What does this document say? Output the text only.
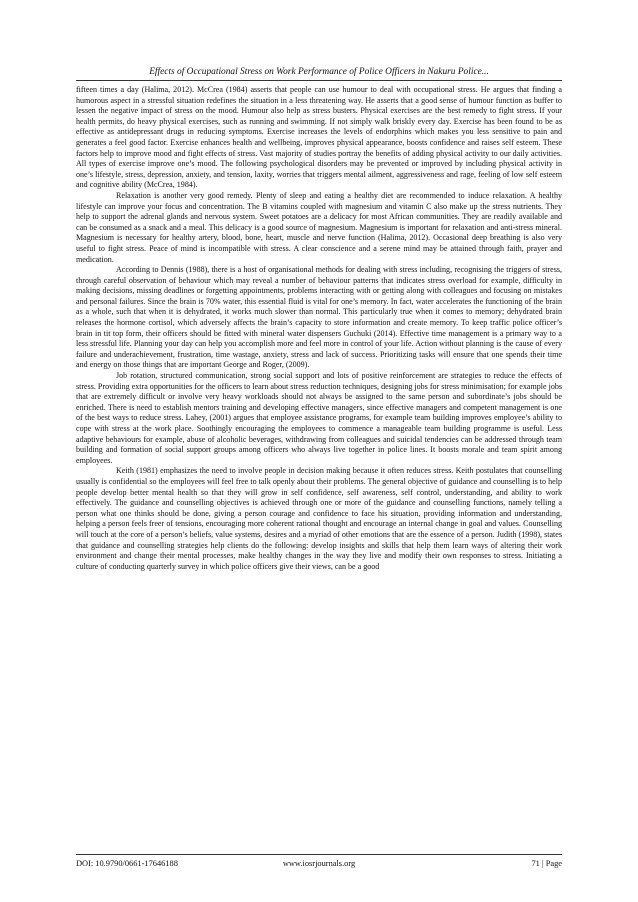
Effects of Occupational Stress on Work Performance of Police Officers in Nakuru Police...

fifteen times a day (Halima, 2012). McCrea (1984) asserts that people can use humour to deal with occupational stress. He argues that finding a humorous aspect in a stressful situation redefines the situation in a less threatening way. He asserts that a good sense of humour function as buffer to lessen the negative impact of stress on the mood. Humour also help as stress busters. Physical exercises are the best remedy to fight stress. If your health permits, do heavy physical exercises, such as running and swimming. If not simply walk briskly every day. Exercise has been found to be as effective as antidepressant drugs in reducing symptoms. Exercise increases the levels of endorphins which makes you less sensitive to pain and generates a feel good factor. Exercise enhances health and wellbeing, improves physical appearance, boosts confidence and raises self esteem. These factors help to improve mood and fight effects of stress. Vast majority of studies portray the benefits of adding physical activity to our daily activities. All types of exercise improve one’s mood. The following psychological disorders may be prevented or improved by including physical activity in one’s lifestyle, stress, depression, anxiety, and tension, laxity, worries that triggers mental ailment, aggressiveness and rage, feeling of low self esteem and cognitive ability (McCrea, 1984).

Relaxation is another very good remedy. Plenty of sleep and eating a healthy diet are recommended to induce relaxation. A healthy lifestyle can improve your focus and concentration. The B vitamins coupled with magnesium and vitamin C also make up the stress nutrients. They help to support the adrenal glands and nervous system. Sweet potatoes are a delicacy for most African communities. They are readily available and can be consumed as a snack and a meal. This delicacy is a good source of magnesium. Magnesium is important for relaxation and anti-stress mineral. Magnesium is necessary for healthy artery, blood, bone, heart, muscle and nerve function (Halima, 2012). Occasional deep breathing is also very useful to fight stress. Peace of mind is incompatible with stress. A clear conscience and a serene mind may be attained through faith, prayer and medication.

According to Dennis (1988), there is a host of organisational methods for dealing with stress including, recognising the triggers of stress, through careful observation of behaviour which may reveal a number of behaviour patterns that indicates stress overload for example, difficulty in making decisions, missing deadlines or forgetting appointments, problems interacting with or getting along with colleagues and focusing on mistakes and personal failures. Since the brain is 70% water, this essential fluid is vital for one’s memory. In fact, water accelerates the functioning of the brain as a whole, such that when it is dehydrated, it works much slower than normal. This particularly true when it comes to memory; dehydrated brain releases the hormone cortisol, which adversely affects the brain’s capacity to store information and create memory. To keep traffic police officer’s brain in tit top form, their officers should be fitted with mineral water dispensers Guchuki (2014). Effective time management is a primary way to a less stressful life. Planning your day can help you accomplish more and feel more in control of your life. Action without planning is the cause of every failure and underachievement, frustration, time wastage, anxiety, stress and lack of success. Prioritizing tasks will ensure that one spends their time and energy on those things that are important George and Roger, (2009).

Job rotation, structured communication, strong social support and lots of positive reinforcement are strategies to reduce the effects of stress. Providing extra opportunities for the officers to learn about stress reduction techniques, designing jobs for stress minimisation; for example jobs that are extremely difficult or involve very heavy workloads should not always be assigned to the same person and subordinate’s jobs should be enriched. There is need to establish mentors training and developing effective managers, since effective managers and competent management is one of the best ways to reduce stress. Lahey, (2001) argues that employee assistance programs, for example team building improves employee’s ability to cope with stress at the work place. Soothingly encouraging the employees to commence a manageable team building programme is useful. Less adaptive behaviours for example, abuse of alcoholic beverages, withdrawing from colleagues and suicidal tendencies can be addressed through team building and formation of social support groups among officers who always live together in police lines. It boosts morale and team spirit among employees.

Keith (1981) emphasizes the need to involve people in decision making because it often reduces stress. Keith postulates that counselling usually is confidential so the employees will feel free to talk openly about their problems. The general objective of guidance and counselling is to help people develop better mental health so that they will grow in self confidence, self awareness, self control, understanding, and ability to work effectively. The guidance and counselling objectives is achieved through one or more of the guidance and counselling functions, namely telling a person what one thinks should be done, giving a person courage and confidence to face his situation, providing information and understanding, helping a person feels freer of tensions, encouraging more coherent rational thought and encourage an internal change in goal and values. Counselling will touch at the core of a person’s beliefs, value systems, desires and a myriad of other emotions that are the essence of a person. Judith (1998), states that guidance and counselling strategies help clients do the following: develop insights and skills that help them learn ways of altering their work environment and change their mental processes, make healthy changes in the way they live and modify their own responses to stress. Initiating a culture of conducting quarterly survey in which police officers give their views, can be a good

DOI: 10.9790/0661-17646188	www.iosrjournals.org	71 | Page
